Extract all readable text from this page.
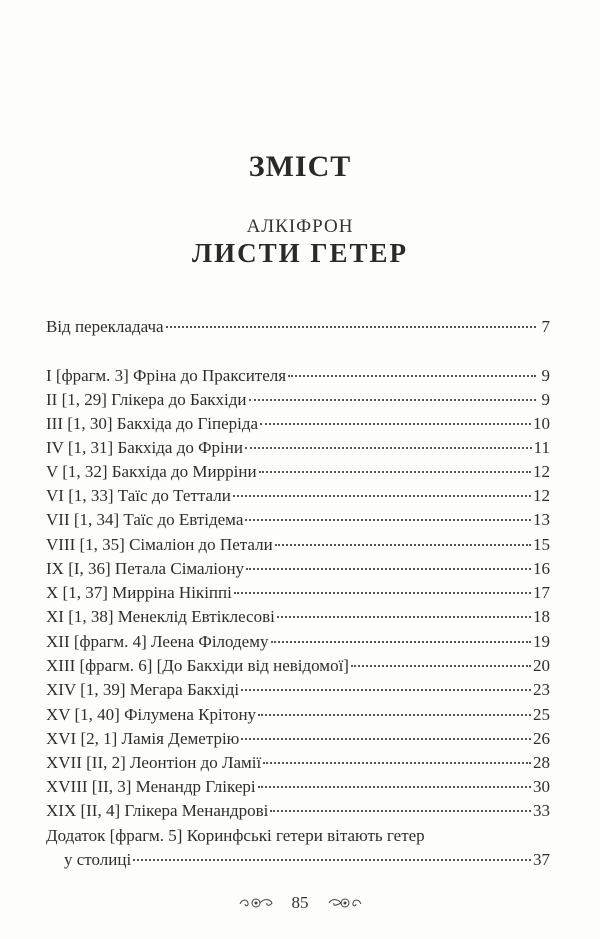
ЗМІСТ
АЛКІФРОН
ЛИСТИ ГЕТЕР
Від перекладача	7
I [фрагм. 3] Фріна до Праксителя	9
II [1, 29] Глікера до Бакхіди	9
III [1, 30] Бакхіда до Гіперіда	10
IV [1, 31] Бакхіда до Фріни	11
V [1, 32] Бакхіда до Мирріни	12
VI [1, 33] Таїс до Теттали	12
VII [1, 34] Таїс до Евтідема	13
VIII [1, 35] Сімаліон до Петали	15
IX [I, 36] Петала Сімаліону	16
X [1, 37] Мирріна Нікіппі	17
XI [1, 38] Менеклід Евтіклесові	18
XII [фрагм. 4] Леена Філодему	19
XIII [фрагм. 6] [До Бакхіди від невідомої]	20
XIV [1, 39] Мегара Бакхіді	23
XV [1, 40] Філумена Крітону	25
XVI [2, 1] Ламія Деметрію	26
XVII [II, 2] Леонтіон до Ламії	28
XVIII [II, 3] Менандр Глікері	30
XIX [II, 4] Глікера Менандрові	33
Додаток [фрагм. 5] Коринфські гетери вітають гетер
у столиці	37
85
